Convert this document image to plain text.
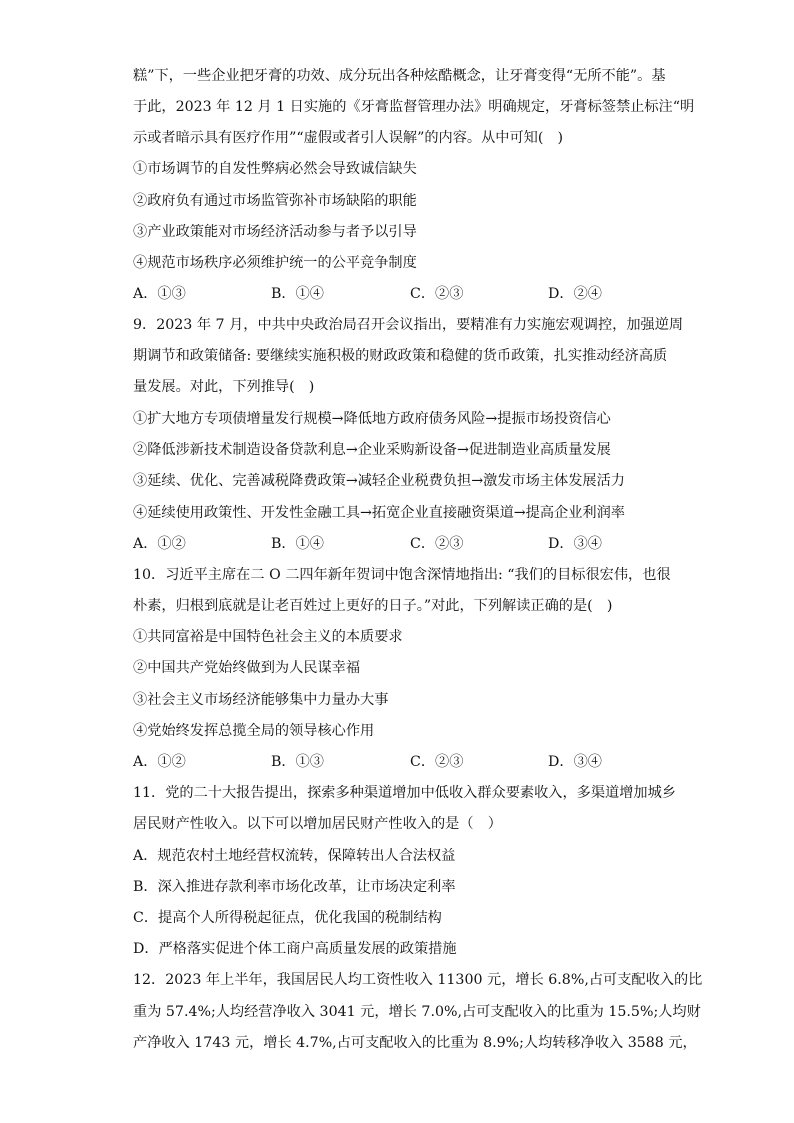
糕”下，一些企业把牙膏的功效、成分玩出各种炫酷概念，让牙膏变得“无所不能”。基
于此，2023 年 12 月 1 日实施的《牙膏监督管理办法》明确规定，牙膏标签禁止标注“明
示或者暗示具有医疗作用”“虚假或者引人误解”的内容。从中可知(　)
①市场调节的自发性弊病必然会导致诚信缺失
②政府负有通过市场监管弥补市场缺陷的职能
③产业政策能对市场经济活动参与者予以引导
④规范市场秩序必须维护统一的公平竞争制度
A．①③	B．①④	C．②③	D．②④
9．2023 年 7 月，中共中央政治局召开会议指出，要精准有力实施宏观调控，加强逆周
期调节和政策储备: 要继续实施积极的财政政策和稳健的货币政策，扎实推动经济高质
量发展。对此，下列推导(　)
①扩大地方专项债增量发行规模→降低地方政府债务风险→提振市场投资信心
②降低涉新技术制造设备贷款利息→企业采购新设备→促进制造业高质量发展
③延续、优化、完善减税降费政策→减轻企业税费负担→激发市场主体发展活力
④延续使用政策性、开发性金融工具→拓宽企业直接融资渠道→提高企业利润率
A．①②	B．①④	C．②③	D．③④
10．习近平主席在二 O 二四年新年贺词中饱含深情地指出: “我们的目标很宏伟，也很
朴素，归根到底就是让老百姓过上更好的日子。”对此，下列解读正确的是(　)
①共同富裕是中国特色社会主义的本质要求
②中国共产党始终做到为人民谋幸福
③社会主义市场经济能够集中力量办大事
④党始终发挥总揽全局的领导核心作用
A．①②	B．①③	C．②③	D．③④
11．党的二十大报告提出，探索多种渠道增加中低收入群众要素收入，多渠道增加城乡
居民财产性收入。以下可以增加居民财产性收入的是（　）
A．规范农村土地经营权流转，保障转出人合法权益
B．深入推进存款利率市场化改革，让市场决定利率
C．提高个人所得税起征点，优化我国的税制结构
D．严格落实促进个体工商户高质量发展的政策措施
12．2023 年上半年，我国居民人均工资性收入 11300 元，增长 6.8%,占可支配收入的比
重为 57.4%;人均经营净收入 3041 元，增长 7.0%,占可支配收入的比重为 15.5%;人均财
产净收入 1743 元，增长 4.7%,占可支配收入的比重为 8.9%;人均转移净收入 3588 元，
